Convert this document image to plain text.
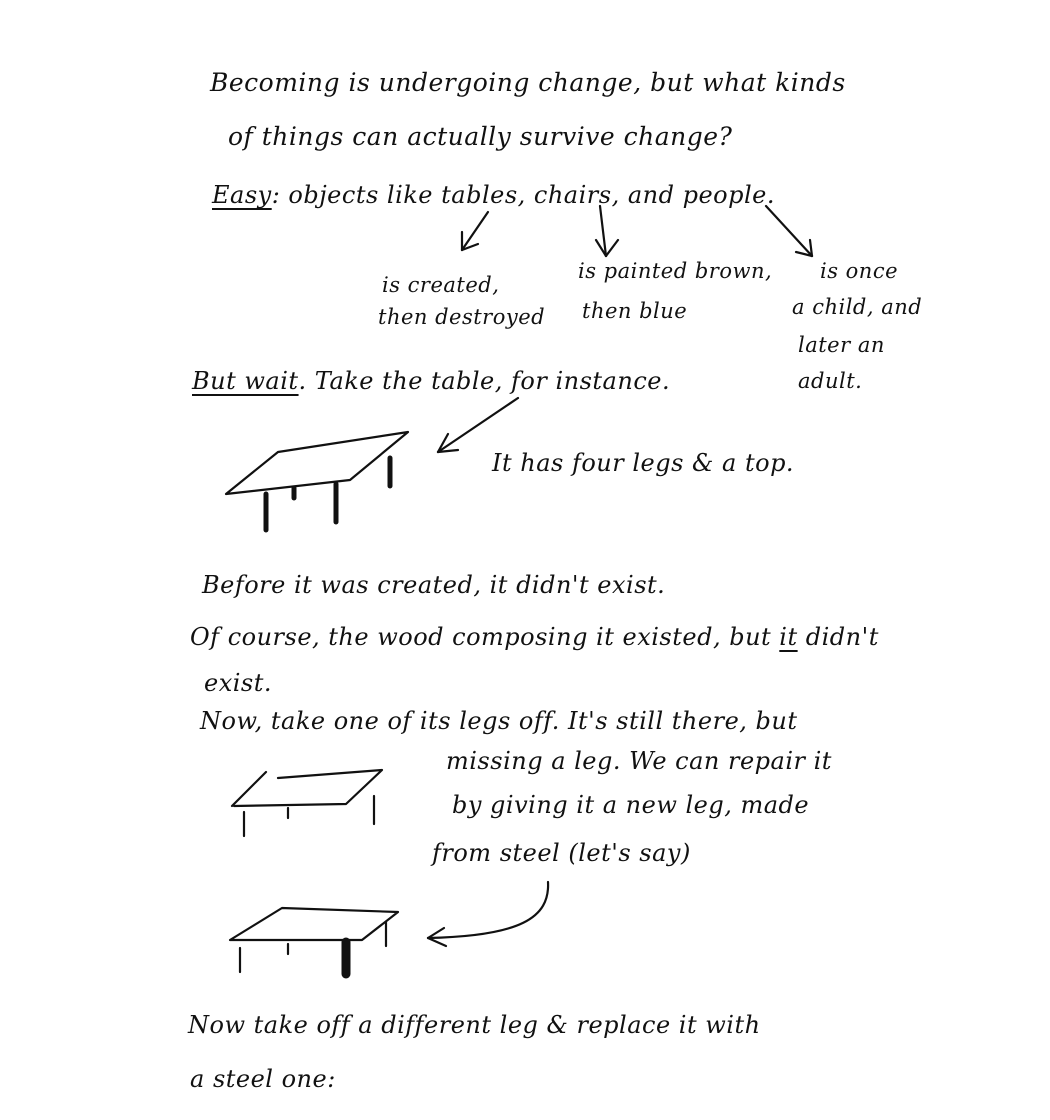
Becoming is undergoing change, but what kinds
of things can actually survive change?
Easy: objects like tables, chairs, and people.
is created,
then destroyed
is painted brown,
then blue
is once
a child, and
later an
adult.
But wait. Take the table, for instance.
It has four legs & a top.
Before it was created, it didn't exist.
Of course, the wood composing it existed, but it didn't
exist.
Now, take one of its legs off. It's still there, but
missing a leg. We can repair it
by giving it a new leg, made
from steel (let's say)
Now take off a different leg & replace it with
a steel one:
